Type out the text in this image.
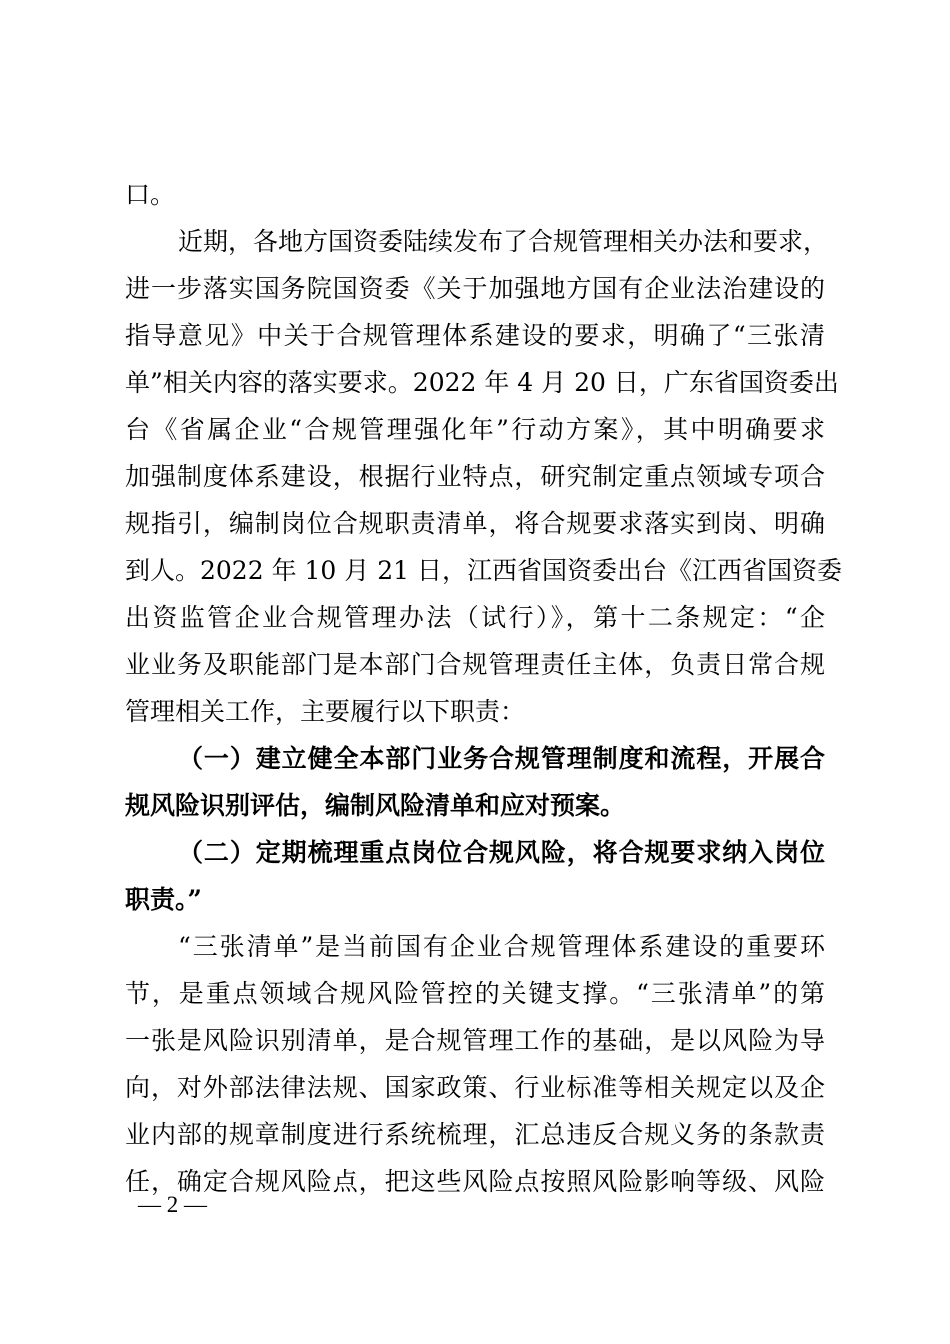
口。
近期，各地方国资委陆续发布了合规管理相关办法和要求，
进一步落实国务院国资委《关于加强地方国有企业法治建设的
指导意见》中关于合规管理体系建设的要求，明确了“三张清
单”相关内容的落实要求。2022 年 4 月 20 日，广东省国资委出
台《省属企业“合规管理强化年”行动方案》，其中明确要求
加强制度体系建设，根据行业特点，研究制定重点领域专项合
规指引，编制岗位合规职责清单，将合规要求落实到岗、明确
到人。2022 年 10 月 21 日，江西省国资委出台《江西省国资委
出资监管企业合规管理办法（试行）》，第十二条规定：“企
业业务及职能部门是本部门合规管理责任主体，负责日常合规
管理相关工作，主要履行以下职责：
（一）建立健全本部门业务合规管理制度和流程，开展合
规风险识别评估，编制风险清单和应对预案。
（二）定期梳理重点岗位合规风险，将合规要求纳入岗位
职责。”
“三张清单”是当前国有企业合规管理体系建设的重要环
节，是重点领域合规风险管控的关键支撑。“三张清单”的第
一张是风险识别清单，是合规管理工作的基础，是以风险为导
向，对外部法律法规、国家政策、行业标准等相关规定以及企
业内部的规章制度进行系统梳理，汇总违反合规义务的条款责
任，确定合规风险点，把这些风险点按照风险影响等级、风险
— 2 —
